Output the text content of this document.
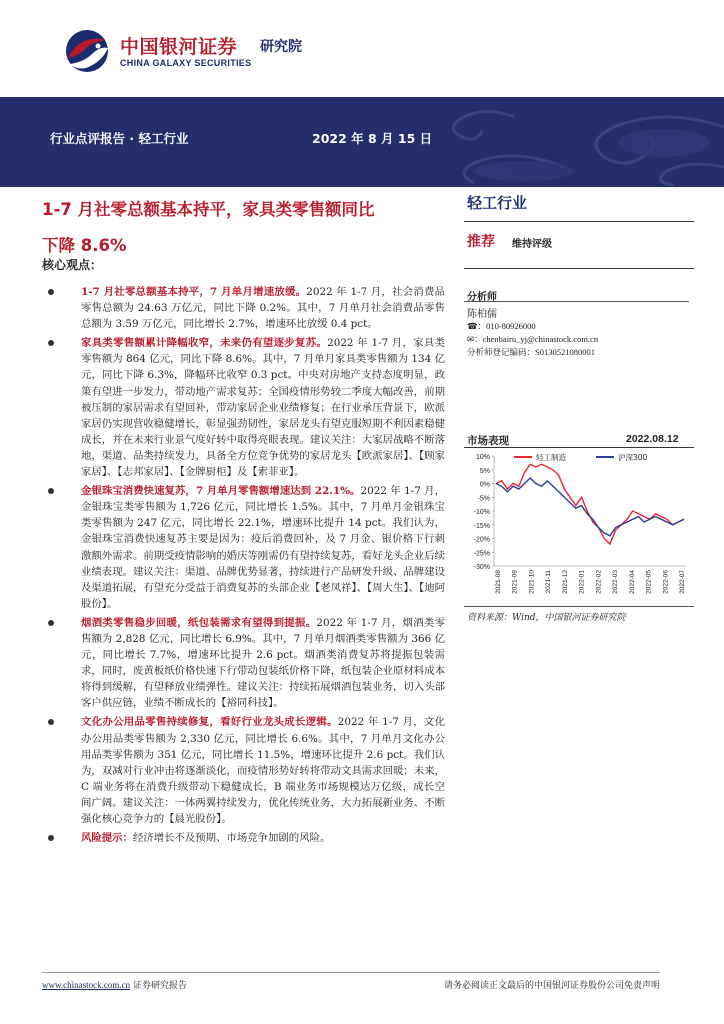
中国银河证券 研究院
CHINA GALAXY SECURITIES
行业点评报告 · 轻工行业	2022 年 8 月 15 日
1-7 月社零总额基本持平，家具类零售额同比
下降 8.6%
核心观点：
1-7 月社零总额基本持平，7 月单月增速放缓。2022 年 1-7 月，社会消费品零售总额为 24.63 万亿元，同比下降 0.2%。其中，7 月单月社会消费品零售总额为 3.59 万亿元，同比增长 2.7%，增速环比放缓 0.4 pct。
家具类零售额累计降幅收窄，未来仍有望逐步复苏。2022 年 1-7 月，家具类零售额为 864 亿元，同比下降 8.6%。其中，7 月单月家具类零售额为 134 亿元，同比下降 6.3%，降幅环比收窄 0.3 pct。中央对房地产支持态度明显，政策有望进一步发力，带动地产需求复苏；全国疫情形势较二季度大幅改善，前期被压制的家居需求有望回补，带动家居企业业绩修复；在行业承压背景下，欧派家居仍实现营收稳健增长，彰显强劲韧性，家居龙头有望克服短期不利因素稳健成长，并在未来行业景气度好转中取得亮眼表现。建议关注：大家居战略不断落地，渠道、品类持续发力，具备全方位竞争优势的家居龙头【欧派家居】、【顾家家居】、【志邦家居】、【金牌厨柜】及【索菲亚】。
金银珠宝消费快速复苏，7 月单月零售额增速达到 22.1%。2022 年 1-7 月，金银珠宝类零售额为 1,726 亿元，同比增长 1.5%。其中，7 月单月金银珠宝类零售额为 247 亿元，同比增长 22.1%，增速环比提升 14 pct。我们认为，金银珠宝消费快速复苏主要是因为：疫后消费回补，及 7 月金、银价格下行刺激额外需求。前期受疫情影响的婚庆等刚需仍有望持续复苏，看好龙头企业后续业绩表现。建议关注：渠道、品牌优势显著，持续进行产品研发升级、品牌建设及渠道拓展，有望充分受益于消费复苏的头部企业【老凤祥】、【周大生】、【迪阿股份】。
烟酒类零售稳步回暖，纸包装需求有望得到提振。2022 年 1-7 月，烟酒类零售额为 2,828 亿元，同比增长 6.9%。其中，7 月单月烟酒类零售额为 366 亿元，同比增长 7.7%，增速环比提升 2.6 pct。烟酒类消费复苏将提振包装需求，同时，废黄板纸价格快速下行带动包装纸价格下降，纸包装企业原材料成本将得到缓解，有望释放业绩弹性。建议关注：持续拓展烟酒包装业务，切入头部客户供应链，业绩不断成长的【裕同科技】。
文化办公用品零售持续修复，看好行业龙头成长逻辑。2022 年 1-7 月，文化办公用品类零售额为 2,330 亿元，同比增长 6.6%。其中，7 月单月文化办公用品类零售额为 351 亿元，同比增长 11.5%，增速环比提升 2.6 pct。我们认为，双减对行业冲击将逐渐淡化，而疫情形势好转将带动文具需求回暖；未来，C 端业务将在消费升级带动下稳健成长，B 端业务市场规模达万亿级，成长空间广阔。建议关注：一体两翼持续发力，优化传统业务，大力拓展新业务、不断强化核心竞争力的【晨光股份】。
风险提示：经济增长不及预期、市场竞争加剧的风险。
轻工行业
推荐 维持评级
分析师
陈柏儒
☎：010-80926000
✉：chenbairu_yj@chinastock.com.cn
分析师登记编码：S0130521080001
市场表现	2022.08.12
10%
5%
0%
-5%
-10%
-15%
-20%
-25%
-30%
2021-08 2021-09 2021-10 2021-11 2021-12 2022-01 2022-02 2022-03 2022-04 2022-05 2022-06 2022-07
轻工制造	沪深300
资料来源：Wind，中国银河证券研究院
www.chinastock.com.cn 证券研究报告	请务必阅读正文最后的中国银河证券股份公司免责声明
